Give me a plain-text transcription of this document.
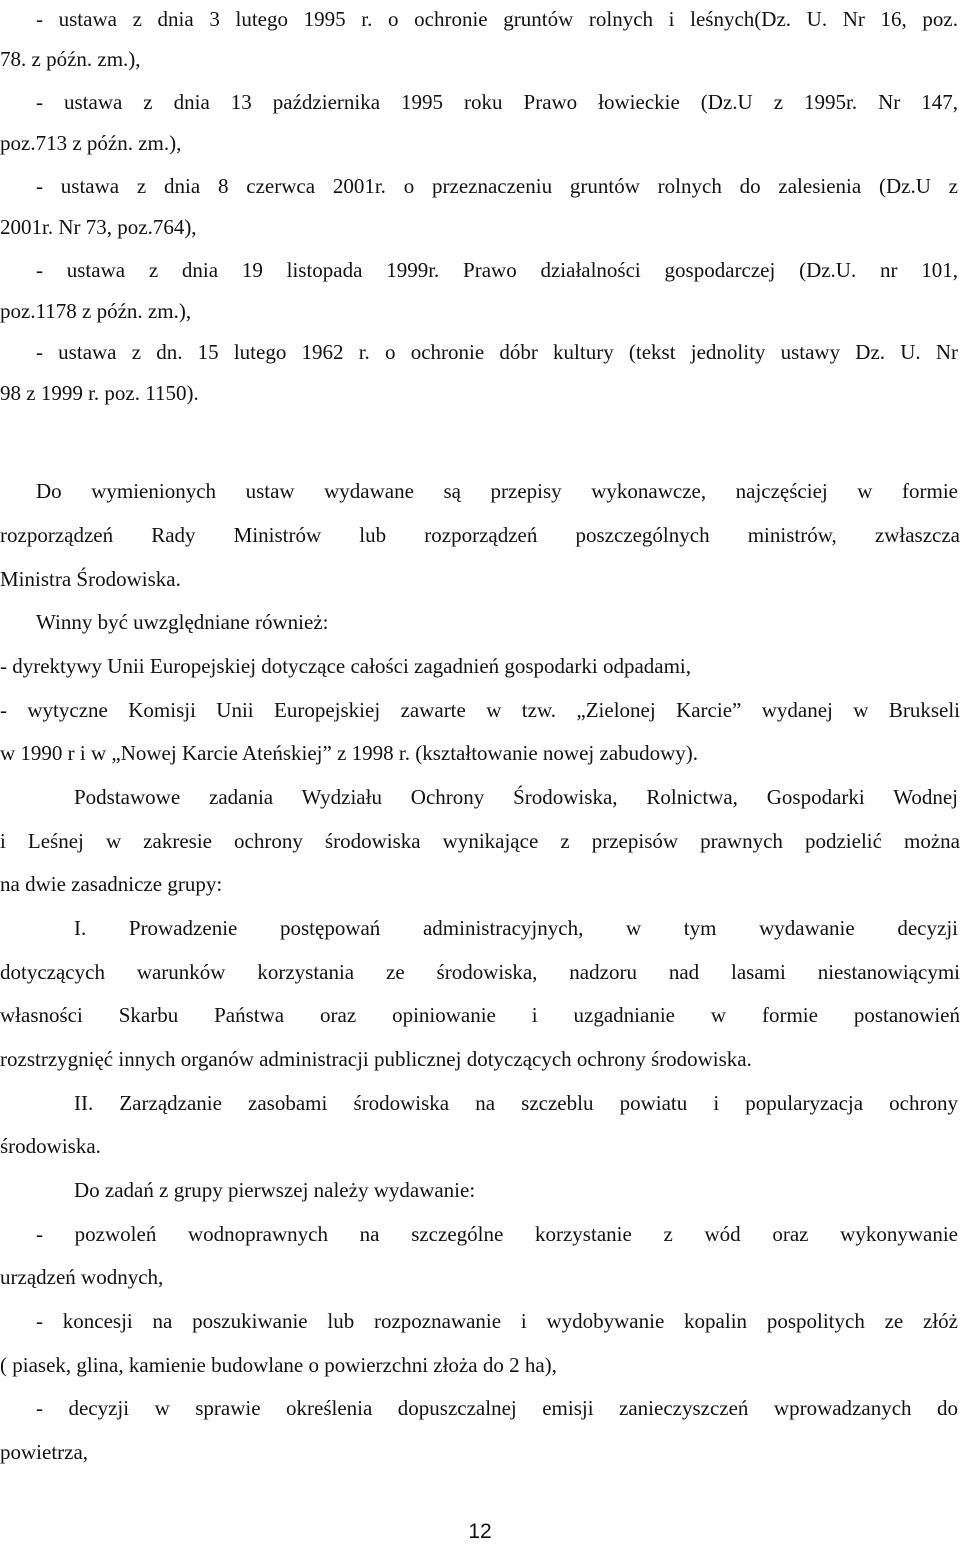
- ustawa z dnia 3 lutego 1995 r. o ochronie gruntów rolnych i leśnych(Dz. U. Nr 16, poz.
78. z późn. zm.),
- ustawa z dnia 13 października 1995 roku Prawo łowieckie (Dz.U z 1995r. Nr 147,
poz.713 z późn. zm.),
- ustawa z dnia 8 czerwca 2001r. o przeznaczeniu gruntów rolnych do zalesienia (Dz.U z
2001r. Nr 73, poz.764),
- ustawa z dnia 19 listopada 1999r. Prawo działalności gospodarczej (Dz.U. nr 101,
poz.1178 z późn. zm.),
- ustawa z dn. 15 lutego 1962 r. o ochronie dóbr kultury (tekst jednolity ustawy Dz. U. Nr
98 z 1999 r. poz. 1150).
Do wymienionych ustaw wydawane są przepisy wykonawcze, najczęściej w formie
rozporządzeń Rady Ministrów lub rozporządzeń poszczególnych ministrów, zwłaszcza
Ministra Środowiska.
Winny być uwzględniane również:
- dyrektywy Unii Europejskiej dotyczące całości zagadnień gospodarki odpadami,
- wytyczne Komisji Unii Europejskiej zawarte w tzw. „Zielonej Karcie” wydanej w Brukseli
w 1990 r i w „Nowej Karcie Ateńskiej” z 1998 r. (kształtowanie nowej zabudowy).
Podstawowe zadania Wydziału Ochrony Środowiska, Rolnictwa, Gospodarki Wodnej
i Leśnej w zakresie ochrony środowiska wynikające z przepisów prawnych podzielić można
na dwie zasadnicze grupy:
I. Prowadzenie postępowań administracyjnych, w tym wydawanie decyzji
dotyczących warunków korzystania ze środowiska, nadzoru nad lasami niestanowiącymi
własności Skarbu Państwa oraz opiniowanie i uzgadnianie w formie postanowień
rozstrzygnięć innych organów administracji publicznej dotyczących ochrony środowiska.
II. Zarządzanie zasobami środowiska na szczeblu powiatu i popularyzacja ochrony
środowiska.
Do zadań z grupy pierwszej należy wydawanie:
- pozwoleń wodnoprawnych na szczególne korzystanie z wód oraz wykonywanie
urządzeń wodnych,
- koncesji na poszukiwanie lub rozpoznawanie i wydobywanie kopalin pospolitych ze złóż
( piasek, glina, kamienie budowlane o powierzchni złoża do 2 ha),
- decyzji w sprawie określenia dopuszczalnej emisji zanieczyszczeń wprowadzanych do
powietrza,
12
